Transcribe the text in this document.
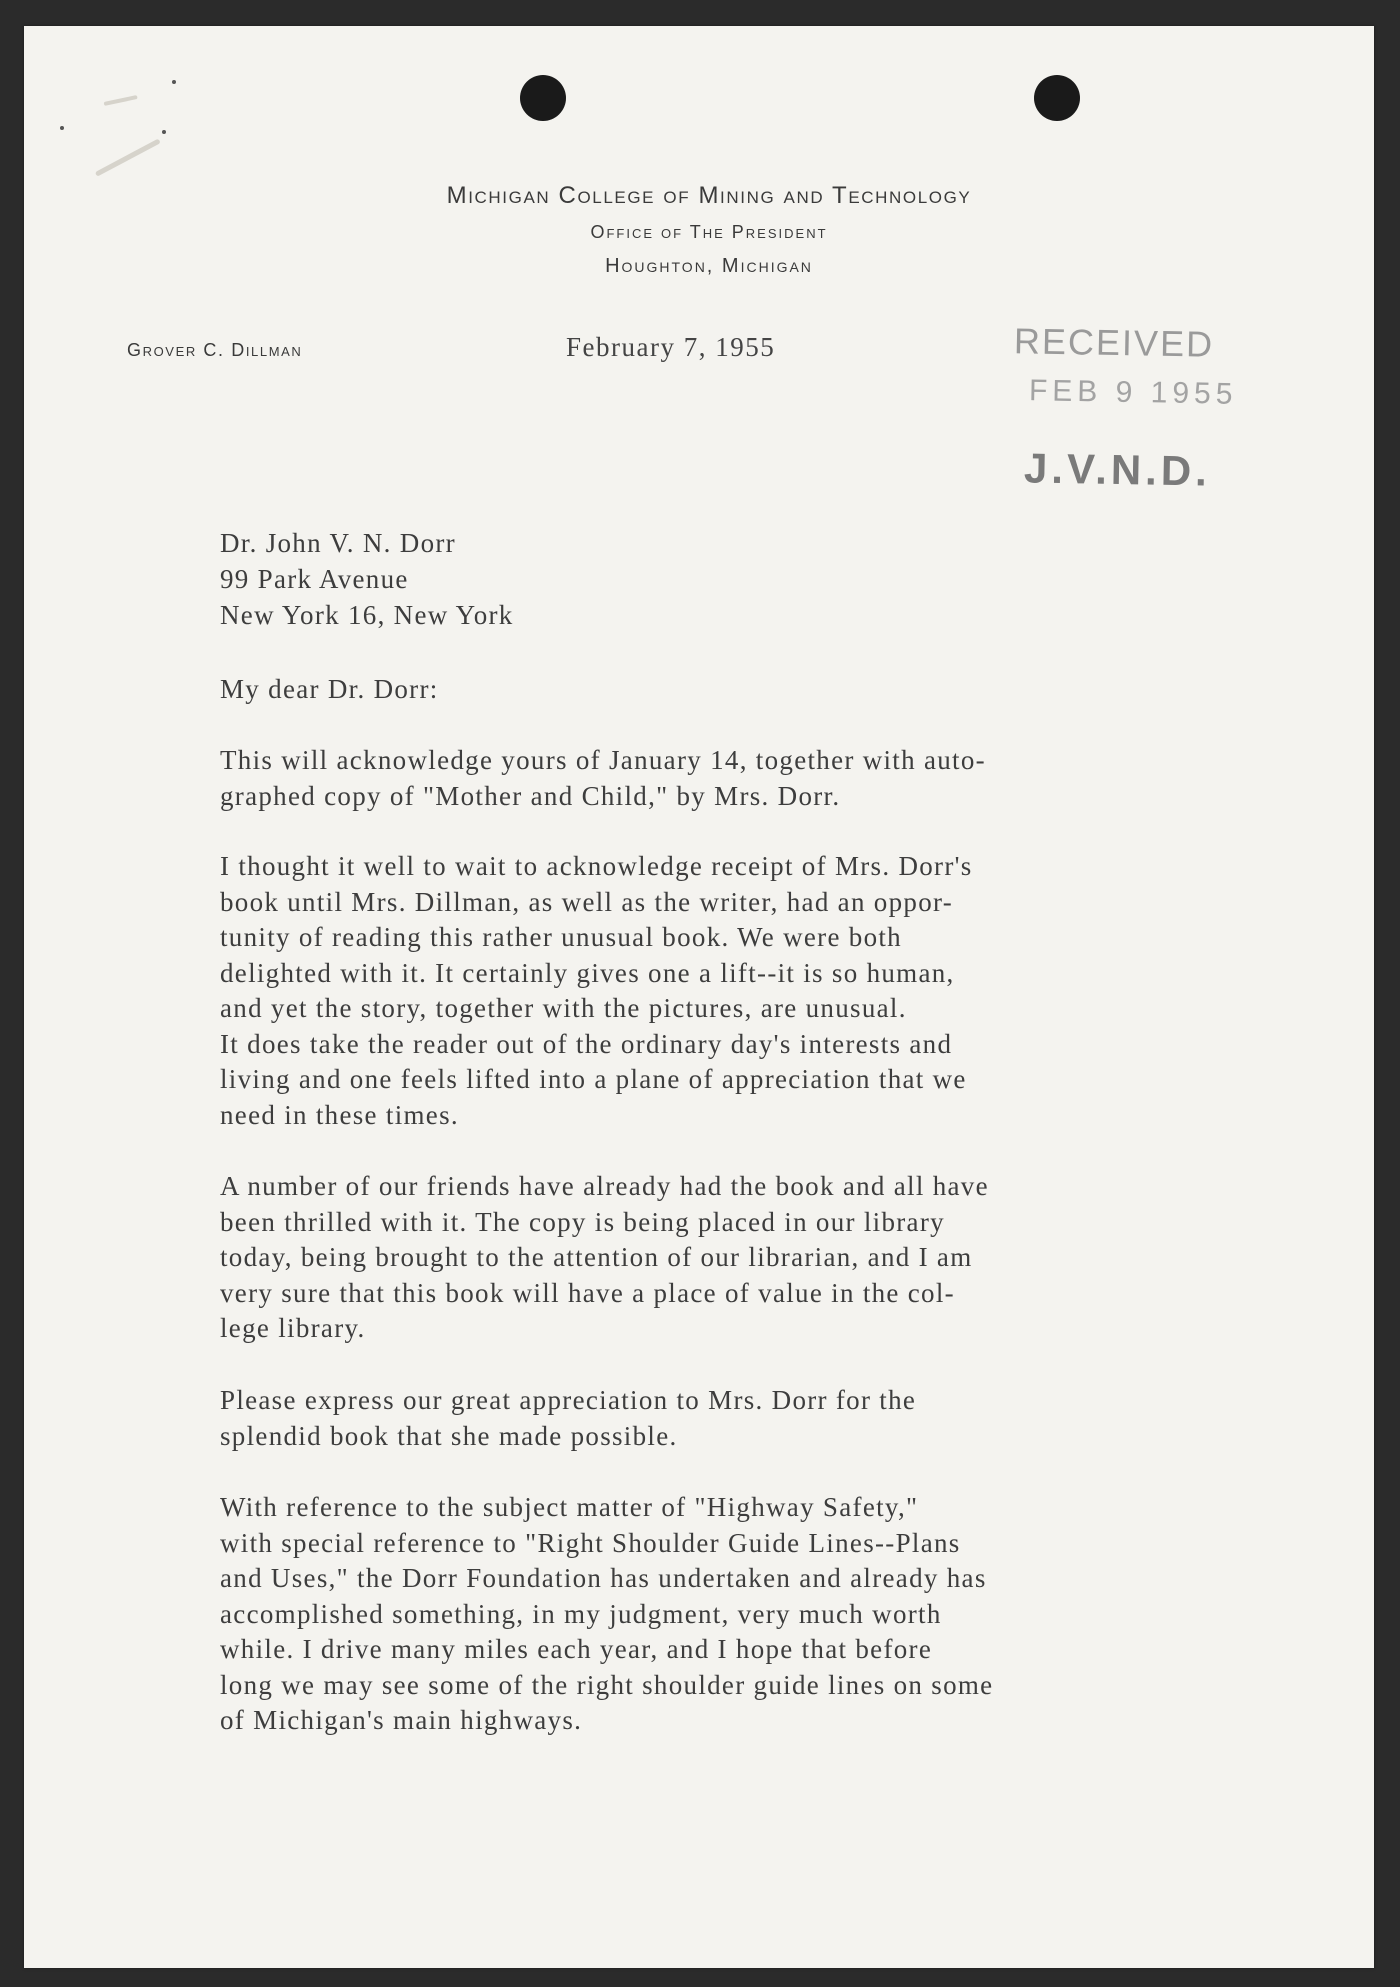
Michigan College of Mining and Technology
Office of The President
Houghton, Michigan
Grover C. Dillman	February 7, 1955	RECEIVED
FEB 9 1955
J.V.N.D.
Dr. John V. N. Dorr
99 Park Avenue
New York 16, New York
My dear Dr. Dorr:
This will acknowledge yours of January 14, together with auto-
graphed copy of "Mother and Child," by Mrs. Dorr.
I thought it well to wait to acknowledge receipt of Mrs. Dorr's
book until Mrs. Dillman, as well as the writer, had an oppor-
tunity of reading this rather unusual book. We were both
delighted with it. It certainly gives one a lift--it is so human,
and yet the story, together with the pictures, are unusual.
It does take the reader out of the ordinary day's interests and
living and one feels lifted into a plane of appreciation that we
need in these times.
A number of our friends have already had the book and all have
been thrilled with it. The copy is being placed in our library
today, being brought to the attention of our librarian, and I am
very sure that this book will have a place of value in the col-
lege library.
Please express our great appreciation to Mrs. Dorr for the
splendid book that she made possible.
With reference to the subject matter of "Highway Safety,"
with special reference to "Right Shoulder Guide Lines--Plans
and Uses," the Dorr Foundation has undertaken and already has
accomplished something, in my judgment, very much worth
while. I drive many miles each year, and I hope that before
long we may see some of the right shoulder guide lines on some
of Michigan's main highways.
